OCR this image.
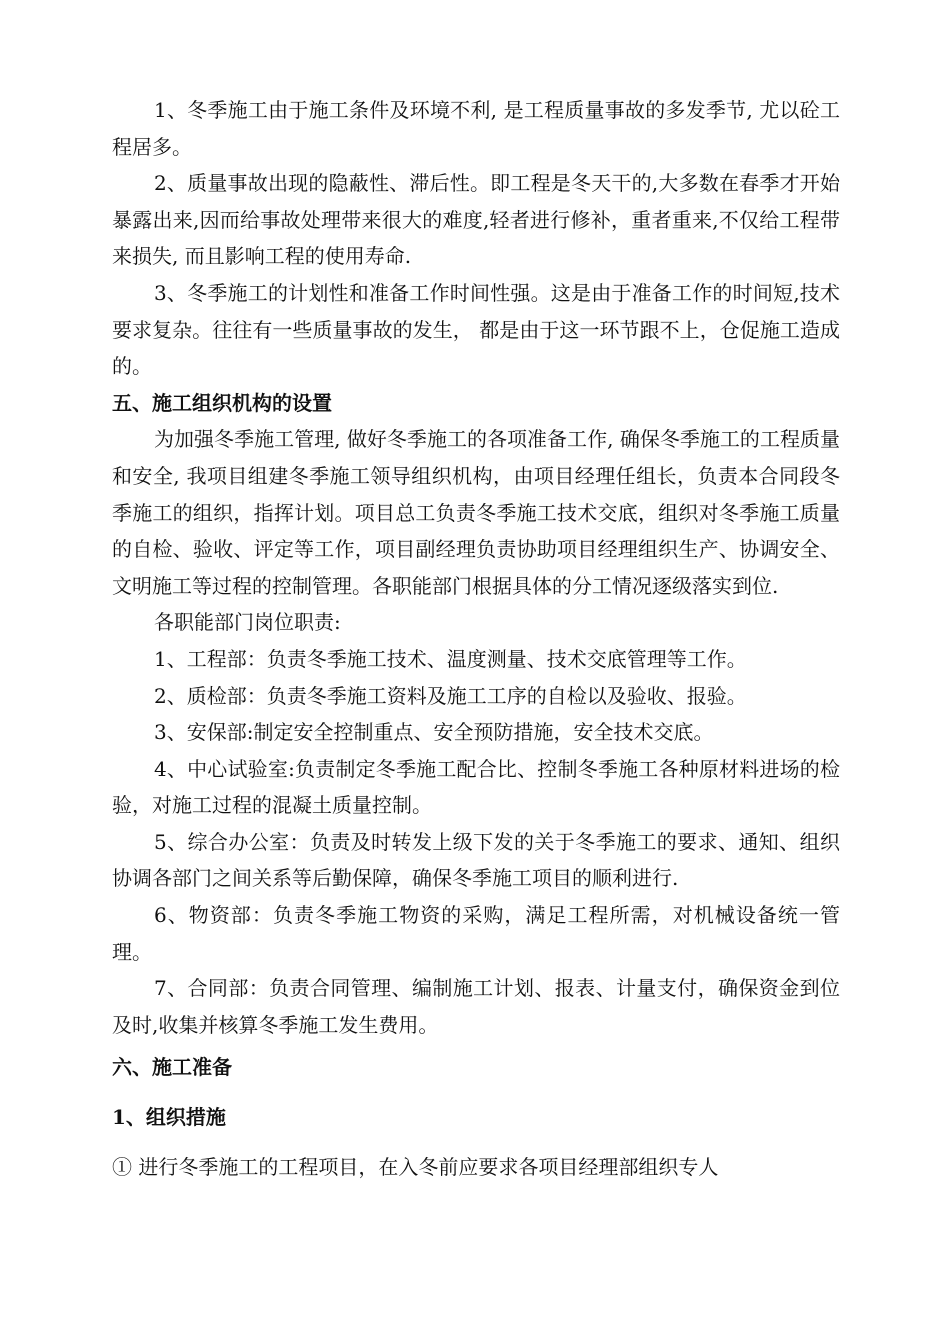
1、冬季施工由于施工条件及环境不利, 是工程质量事故的多发季节, 尤以砼工程居多。

2、质量事故出现的隐蔽性、滞后性。即工程是冬天干的,大多数在春季才开始暴露出来,因而给事故处理带来很大的难度,轻者进行修补，重者重来,不仅给工程带来损失, 而且影响工程的使用寿命.

3、冬季施工的计划性和准备工作时间性强。这是由于准备工作的时间短,技术要求复杂。往往有一些质量事故的发生， 都是由于这一环节跟不上，仓促施工造成的。

五、施工组织机构的设置

为加强冬季施工管理, 做好冬季施工的各项准备工作, 确保冬季施工的工程质量和安全, 我项目组建冬季施工领导组织机构，由项目经理任组长，负责本合同段冬季施工的组织，指挥计划。项目总工负责冬季施工技术交底，组织对冬季施工质量的自检、验收、评定等工作，项目副经理负责协助项目经理组织生产、协调安全、文明施工等过程的控制管理。各职能部门根据具体的分工情况逐级落实到位.

各职能部门岗位职责:

1、工程部：负责冬季施工技术、温度测量、技术交底管理等工作。

2、质检部：负责冬季施工资料及施工工序的自检以及验收、报验。

3、安保部:制定安全控制重点、安全预防措施，安全技术交底。

4、中心试验室:负责制定冬季施工配合比、控制冬季施工各种原材料进场的检验，对施工过程的混凝土质量控制。

5、综合办公室：负责及时转发上级下发的关于冬季施工的要求、通知、组织协调各部门之间关系等后勤保障，确保冬季施工项目的顺利进行.

6、物资部：负责冬季施工物资的采购，满足工程所需，对机械设备统一管理。

7、合同部：负责合同管理、编制施工计划、报表、计量支付，确保资金到位及时,收集并核算冬季施工发生费用。

六、施工准备

1、组织措施

① 进行冬季施工的工程项目，在入冬前应要求各项目经理部组织专人
